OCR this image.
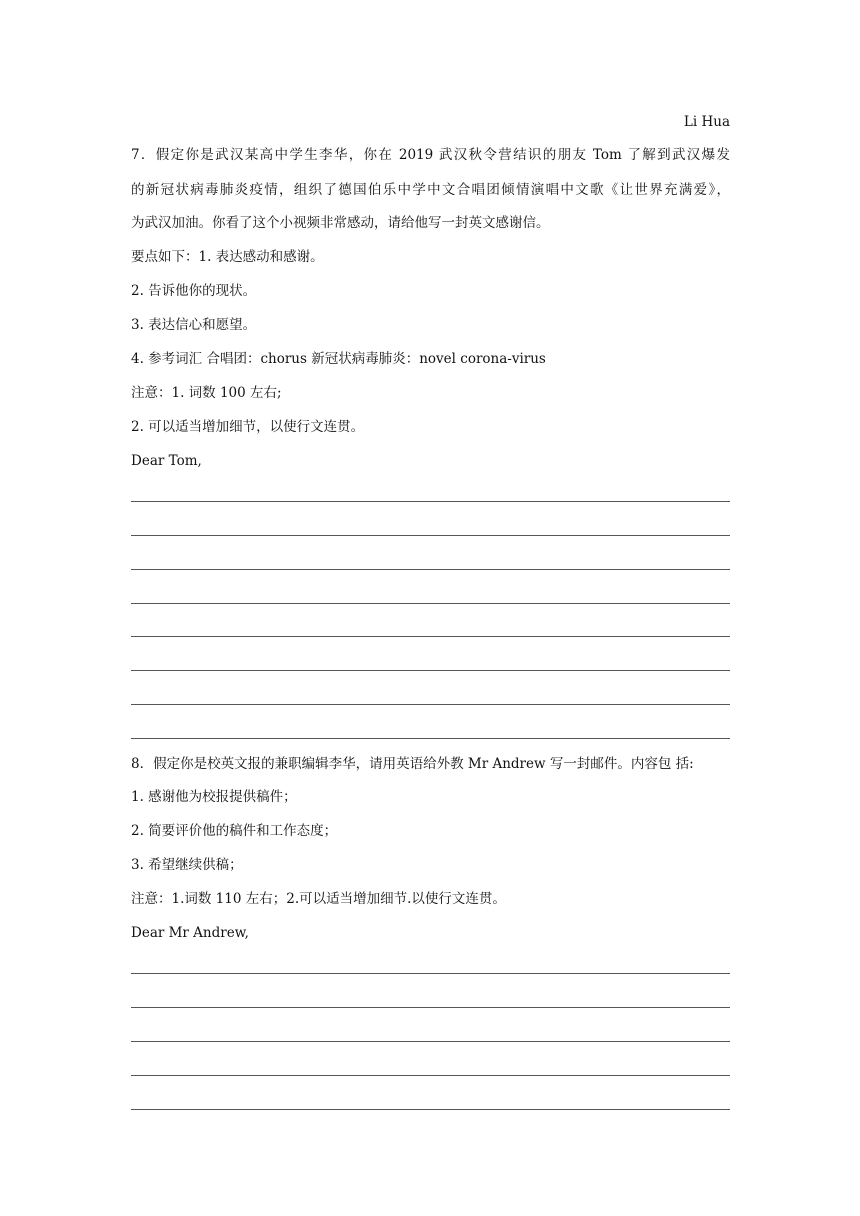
Li Hua
7．假定你是武汉某高中学生李华，你在 2019 武汉秋令营结识的朋友 Tom 了解到武汉爆发
的新冠状病毒肺炎疫情，组织了德国伯乐中学中文合唱团倾情演唱中文歌《让世界充满爱》，
为武汉加油。你看了这个小视频非常感动，请给他写一封英文感谢信。
要点如下：1. 表达感动和感谢。
2. 告诉他你的现状。
3. 表达信心和愿望。
4. 参考词汇 合唱团：chorus 新冠状病毒肺炎：novel corona-virus
注意：1. 词数 100 左右;
2. 可以适当增加细节，以使行文连贯。
Dear Tom,
8．假定你是校英文报的兼职编辑李华，请用英语给外教 Mr Andrew 写一封邮件。内容包 括:
1. 感谢他为校报提供稿件；
2. 简要评价他的稿件和工作态度；
3. 希望继续供稿；
注意：1.词数 110 左右；2.可以适当增加细节.以使行文连贯。
Dear Mr Andrew,
